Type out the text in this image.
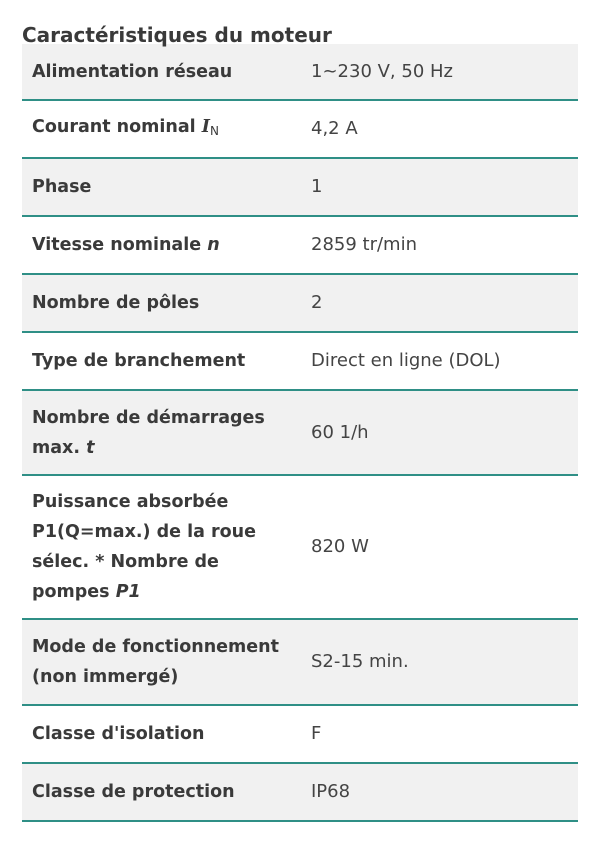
Caractéristiques du moteur
Alimentation réseau	1~230 V, 50 Hz
Courant nominal $I_N$	4,2 A
Phase	1
Vitesse nominale n	2859 tr/min
Nombre de pôles	2
Type de branchement	Direct en ligne (DOL)
Nombre de démarrages max. t	60 1/h
Puissance absorbée P1(Q=max.) de la roue sélec. * Nombre de pompes P1	820 W
Mode de fonctionnement (non immergé)	S2-15 min.
Classe d'isolation	F
Classe de protection	IP68
